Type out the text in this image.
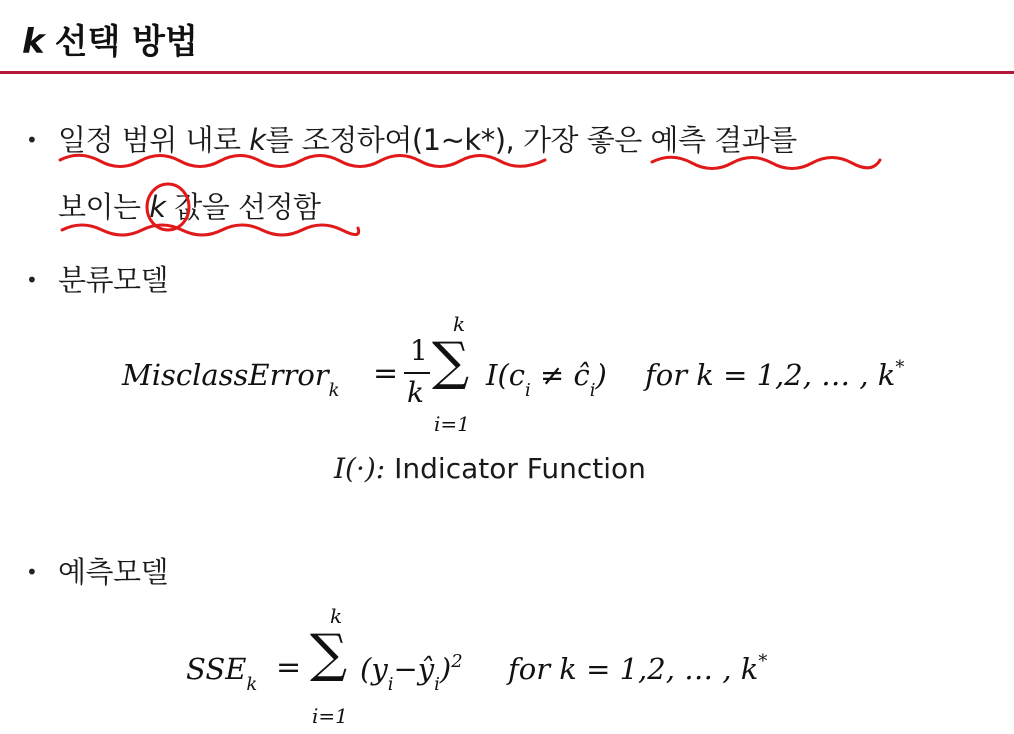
k 선택 방법
• 일정 범위 내로 k를 조정하여(1~k*), 가장 좋은 예측 결과를
보이는 k 값을 선정함
• 분류모델
MisclassError$_k$ =
1
k
k
∑
i=1
$I(c_i$ ≠ $ĉ_i$) for k = 1,2, … , k*
I(·): Indicator Function
• 예측모델
$SSE_k$ =
k
∑
i=1
$(y_i-ŷ_i)^2$ for k = 1,2, … , k*
